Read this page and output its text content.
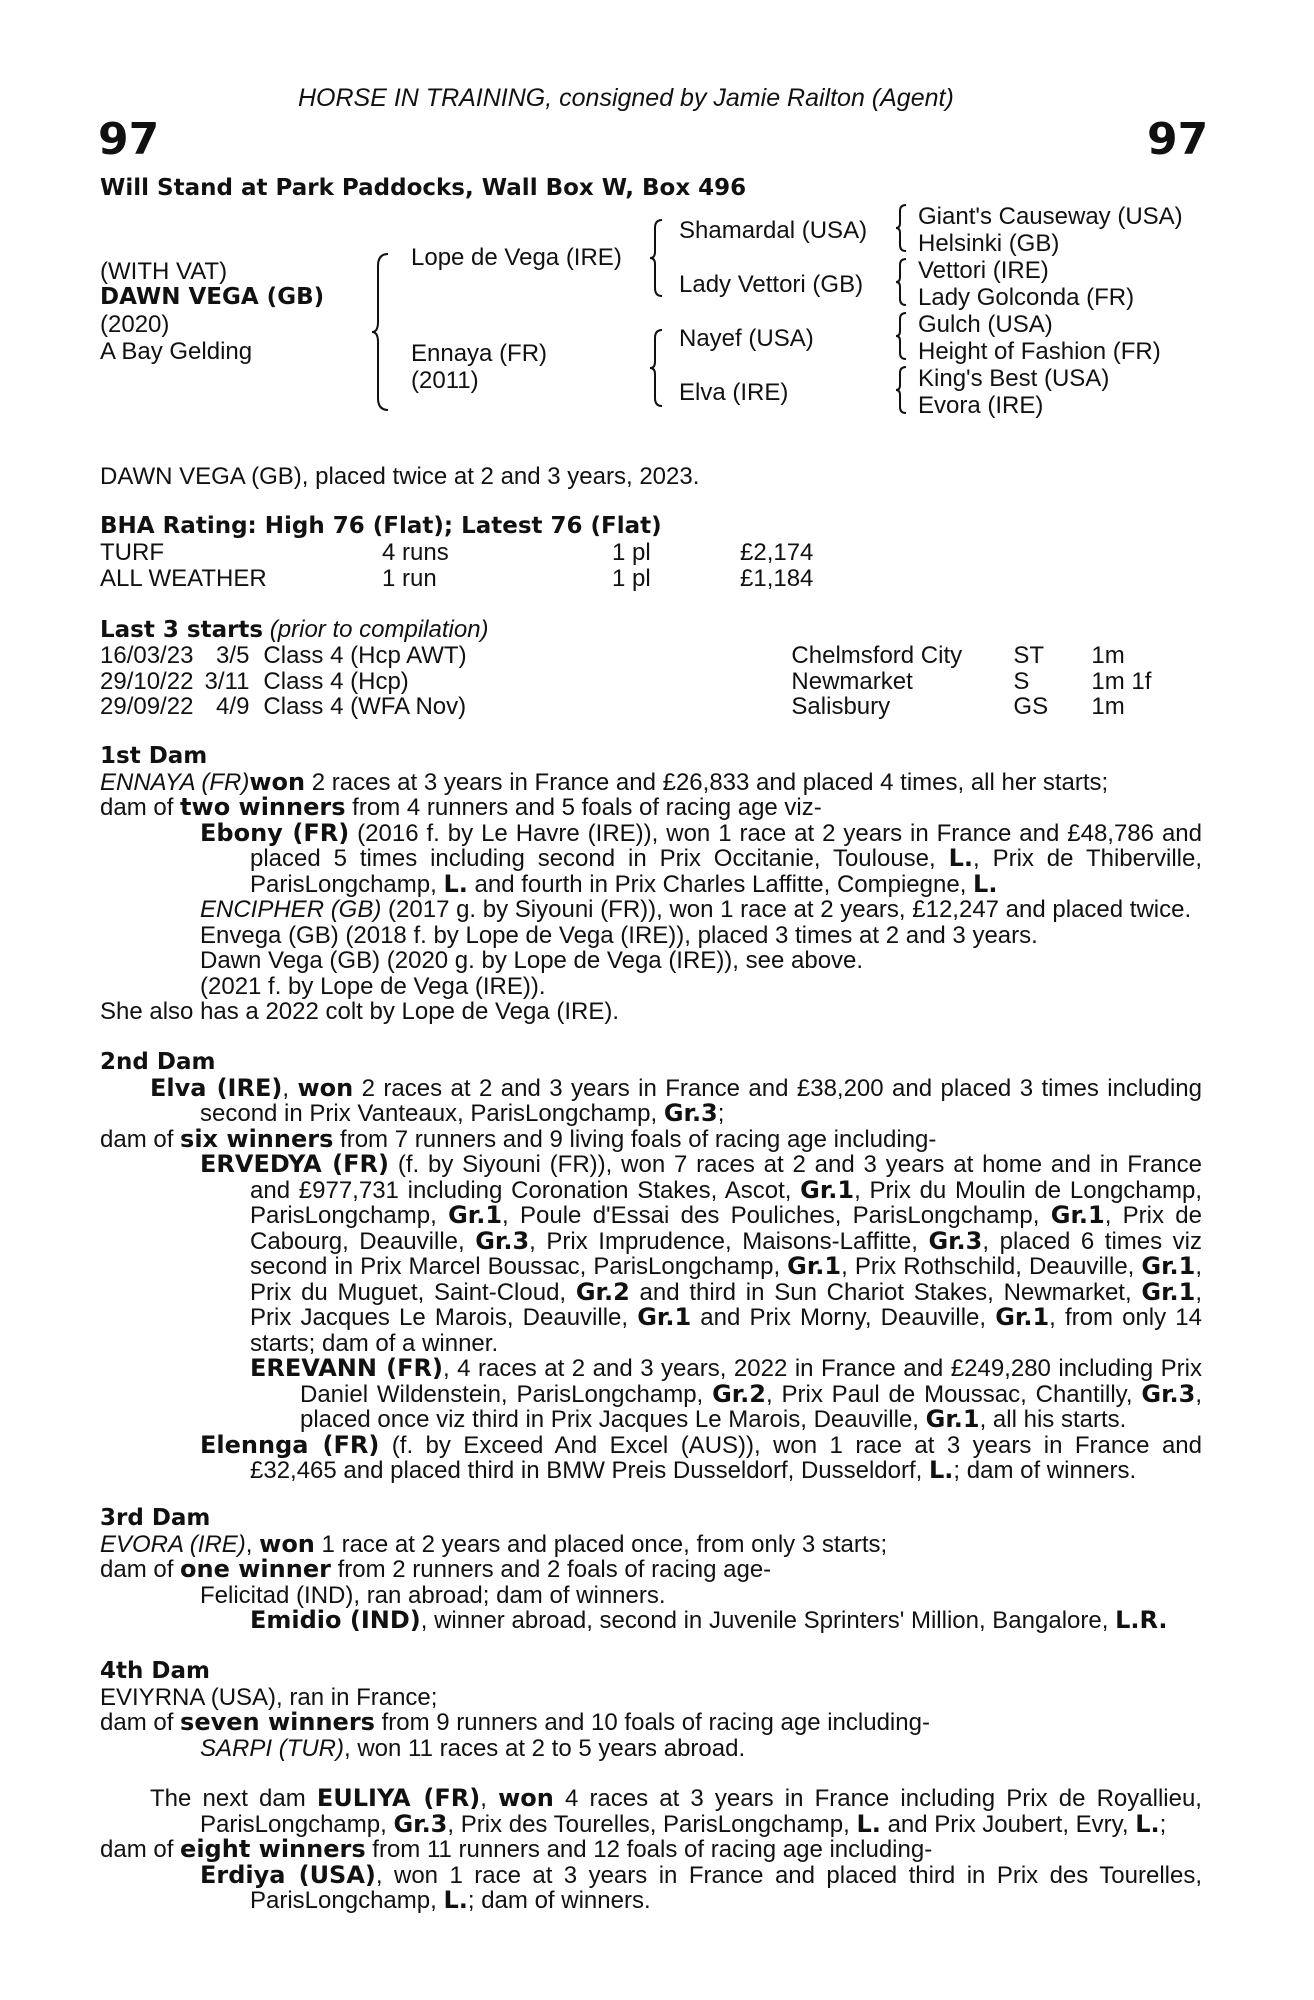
HORSE IN TRAINING, consigned by Jamie Railton (Agent)
97	97
Will Stand at Park Paddocks, Wall Box W, Box 496
(WITH VAT)
DAWN VEGA (GB)
(2020)
A Bay Gelding
Lope de Vega (IRE)
Ennaya (FR)
(2011)
Shamardal (USA)
Lady Vettori (GB)
Nayef (USA)
Elva (IRE)
Giant's Causeway (USA)
Helsinki (GB)
Vettori (IRE)
Lady Golconda (FR)
Gulch (USA)
Height of Fashion (FR)
King's Best (USA)
Evora (IRE)
DAWN VEGA (GB), placed twice at 2 and 3 years, 2023.
BHA Rating: High 76 (Flat); Latest 76 (Flat)
TURF	4 runs	1 pl	£2,174
ALL WEATHER	1 run	1 pl	£1,184
Last 3 starts (prior to compilation)
16/03/23	3/5	Class 4 (Hcp AWT)	Chelmsford City	ST	1m
29/10/22	3/11	Class 4 (Hcp)	Newmarket	S	1m 1f
29/09/22	4/9	Class 4 (WFA Nov)	Salisbury	GS	1m

1st Dam

ENNAYA (FR)won 2 races at 3 years in France and £26,833 and placed 4 times, all her starts;

dam of two winners from 4 runners and 5 foals of racing age viz-

Ebony (FR) (2016 f. by Le Havre (IRE)), won 1 race at 2 years in France and £48,786 and placed 5 times including second in Prix Occitanie, Toulouse, L., Prix de Thiberville, ParisLongchamp, L. and fourth in Prix Charles Laffitte, Compiegne, L.

ENCIPHER (GB) (2017 g. by Siyouni (FR)), won 1 race at 2 years, £12,247 and placed twice.

Envega (GB) (2018 f. by Lope de Vega (IRE)), placed 3 times at 2 and 3 years.

Dawn Vega (GB) (2020 g. by Lope de Vega (IRE)), see above.

(2021 f. by Lope de Vega (IRE)).

She also has a 2022 colt by Lope de Vega (IRE).

2nd Dam

Elva (IRE), won 2 races at 2 and 3 years in France and £38,200 and placed 3 times including second in Prix Vanteaux, ParisLongchamp, Gr.3;

dam of six winners from 7 runners and 9 living foals of racing age including-

ERVEDYA (FR) (f. by Siyouni (FR)), won 7 races at 2 and 3 years at home and in France and £977,731 including Coronation Stakes, Ascot, Gr.1, Prix du Moulin de Longchamp, ParisLongchamp, Gr.1, Poule d'Essai des Pouliches, ParisLongchamp, Gr.1, Prix de Cabourg, Deauville, Gr.3, Prix Imprudence, Maisons-Laffitte, Gr.3, placed 6 times viz second in Prix Marcel Boussac, ParisLongchamp, Gr.1, Prix Rothschild, Deauville, Gr.1, Prix du Muguet, Saint-Cloud, Gr.2 and third in Sun Chariot Stakes, Newmarket, Gr.1, Prix Jacques Le Marois, Deauville, Gr.1 and Prix Morny, Deauville, Gr.1, from only 14 starts; dam of a winner.

EREVANN (FR), 4 races at 2 and 3 years, 2022 in France and £249,280 including Prix Daniel Wildenstein, ParisLongchamp, Gr.2, Prix Paul de Moussac, Chantilly, Gr.3, placed once viz third in Prix Jacques Le Marois, Deauville, Gr.1, all his starts.

Elennga (FR) (f. by Exceed And Excel (AUS)), won 1 race at 3 years in France and £32,465 and placed third in BMW Preis Dusseldorf, Dusseldorf, L.; dam of winners.

3rd Dam

EVORA (IRE), won 1 race at 2 years and placed once, from only 3 starts;

dam of one winner from 2 runners and 2 foals of racing age-

Felicitad (IND), ran abroad; dam of winners.

Emidio (IND), winner abroad, second in Juvenile Sprinters' Million, Bangalore, L.R.

4th Dam

EVIYRNA (USA), ran in France;

dam of seven winners from 9 runners and 10 foals of racing age including-

SARPI (TUR), won 11 races at 2 to 5 years abroad.

The next dam EULIYA (FR), won 4 races at 3 years in France including Prix de Royallieu, ParisLongchamp, Gr.3, Prix des Tourelles, ParisLongchamp, L. and Prix Joubert, Evry, L.;

dam of eight winners from 11 runners and 12 foals of racing age including-

Erdiya (USA), won 1 race at 3 years in France and placed third in Prix des Tourelles, ParisLongchamp, L.; dam of winners.
